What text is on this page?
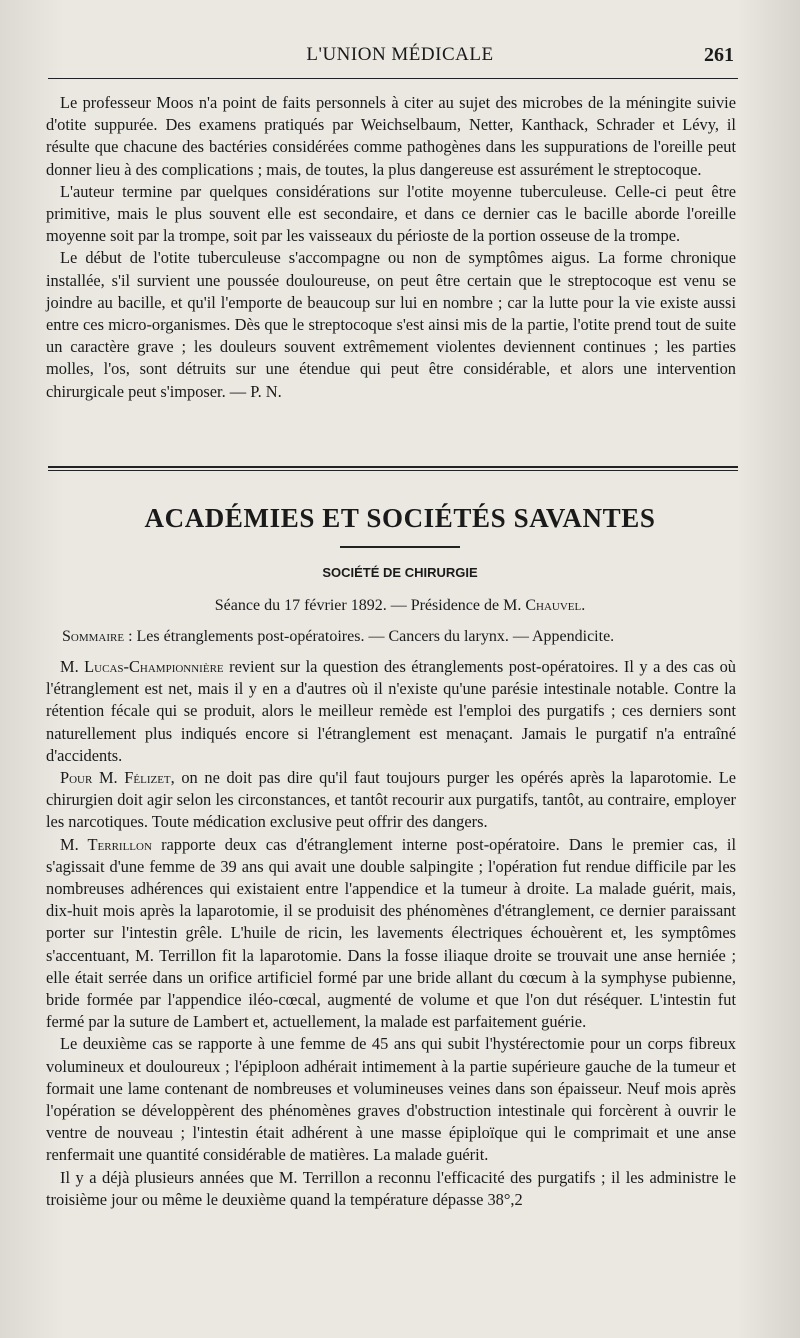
L'UNION MÉDICALE	261

Le professeur Moos n'a point de faits personnels à citer au sujet des microbes de la méningite suivie d'otite suppurée. Des examens pratiqués par Weichselbaum, Netter, Kanthack, Schrader et Lévy, il résulte que chacune des bactéries considérées comme pathogènes dans les suppurations de l'oreille peut donner lieu à des complications ; mais, de toutes, la plus dangereuse est assurément le streptocoque.

L'auteur termine par quelques considérations sur l'otite moyenne tuberculeuse. Celle-ci peut être primitive, mais le plus souvent elle est secondaire, et dans ce dernier cas le bacille aborde l'oreille moyenne soit par la trompe, soit par les vaisseaux du périoste de la portion osseuse de la trompe.

Le début de l'otite tuberculeuse s'accompagne ou non de symptômes aigus. La forme chronique installée, s'il survient une poussée douloureuse, on peut être certain que le streptocoque est venu se joindre au bacille, et qu'il l'emporte de beaucoup sur lui en nombre ; car la lutte pour la vie existe aussi entre ces micro-organismes. Dès que le streptocoque s'est ainsi mis de la partie, l'otite prend tout de suite un caractère grave ; les douleurs souvent extrêmement violentes deviennent continues ; les parties molles, l'os, sont détruits sur une étendue qui peut être considérable, et alors une intervention chirurgicale peut s'imposer. — P. N.

ACADÉMIES ET SOCIÉTÉS SAVANTES
SOCIÉTÉ DE CHIRURGIE
Séance du 17 février 1892. — Présidence de M. Chauvel.
Sommaire : Les étranglements post-opératoires. — Cancers du larynx. — Appendicite.

M. Lucas-Championnière revient sur la question des étranglements post-opératoires. Il y a des cas où l'étranglement est net, mais il y en a d'autres où il n'existe qu'une parésie intestinale notable. Contre la rétention fécale qui se produit, alors le meilleur remède est l'emploi des purgatifs ; ces derniers sont naturellement plus indiqués encore si l'étranglement est menaçant. Jamais le purgatif n'a entraîné d'accidents.

Pour M. Félizet, on ne doit pas dire qu'il faut toujours purger les opérés après la laparotomie. Le chirurgien doit agir selon les circonstances, et tantôt recourir aux purgatifs, tantôt, au contraire, employer les narcotiques. Toute médication exclusive peut offrir des dangers.

M. Terrillon rapporte deux cas d'étranglement interne post-opératoire. Dans le premier cas, il s'agissait d'une femme de 39 ans qui avait une double salpingite ; l'opération fut rendue difficile par les nombreuses adhérences qui existaient entre l'appendice et la tumeur à droite. La malade guérit, mais, dix-huit mois après la laparotomie, il se produisit des phénomènes d'étranglement, ce dernier paraissant porter sur l'intestin grêle. L'huile de ricin, les lavements électriques échouèrent et, les symptômes s'accentuant, M. Terrillon fit la laparotomie. Dans la fosse iliaque droite se trouvait une anse herniée ; elle était serrée dans un orifice artificiel formé par une bride allant du cœcum à la symphyse pubienne, bride formée par l'appendice iléo-cœcal, augmenté de volume et que l'on dut réséquer. L'intestin fut fermé par la suture de Lambert et, actuellement, la malade est parfaitement guérie.

Le deuxième cas se rapporte à une femme de 45 ans qui subit l'hystérectomie pour un corps fibreux volumineux et douloureux ; l'épiploon adhérait intimement à la partie supérieure gauche de la tumeur et formait une lame contenant de nombreuses et volumineuses veines dans son épaisseur. Neuf mois après l'opération se développèrent des phénomènes graves d'obstruction intestinale qui forcèrent à ouvrir le ventre de nouveau ; l'intestin était adhérent à une masse épiploïque qui le comprimait et une anse renfermait une quantité considérable de matières. La malade guérit.

Il y a déjà plusieurs années que M. Terrillon a reconnu l'efficacité des purgatifs ; il les administre le troisième jour ou même le deuxième quand la température dépasse 38°,2
